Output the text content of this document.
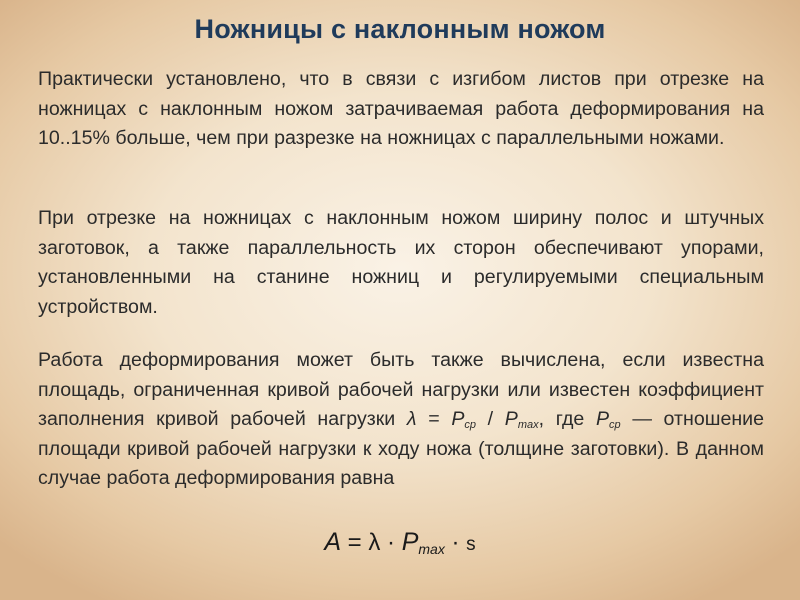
Ножницы с наклонным ножом
Практически установлено, что в связи с изгибом листов при отрезке на ножницах с наклонным ножом затрачиваемая работа деформирования на 10..15% больше, чем при разрезке на ножницах с параллельными ножами.
При отрезке на ножницах с наклонным ножом ширину полос и штучных заготовок, а также параллельность их сторон обеспечивают упорами, установленными на станине ножниц и регулируемыми специальным устройством.
Работа деформирования может быть также вычислена, если известна площадь, ограниченная кривой рабочей нагрузки или известен коэффициент заполнения кривой рабочей нагрузки $\lambda = P_{ср} / P_{max}$, где $P_{ср}$ — отношение площади кривой рабочей нагрузки к ходу ножа (толщине заготовки). В данном случае работа деформирования равна
A = λ · Pmax · s
